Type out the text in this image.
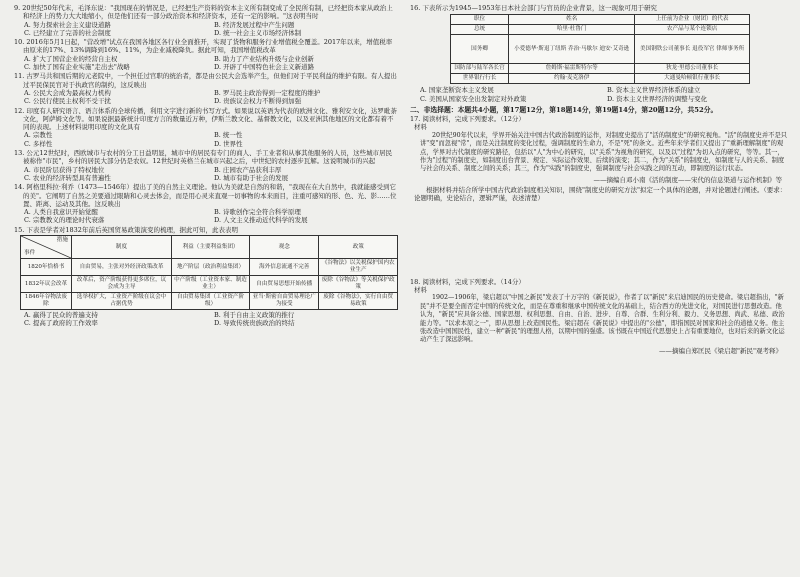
9. 20世纪50年代末，毛泽东说："我国现在的情况是，已经把生产资料的资本主义所有制变成了全民所有制，已经把资本家从政治上和经济上的势力大大地缩小，但是他们还有一部分政治资本和经济资本，还有一定的影响。"这表明当时
A. 努力探索社会主义建设道路	B. 经济发展过程中产生问题
C. 已经建立了完善的社会制度	D. 统一社会主义市场经济体制
10. 2016年5月1日起，"营改增"试点在我国各地区各行业全面推开，实现了货物和服务行业增值税全覆盖。2017年以来，增值税率由原来的17%、13%调降到16%、11%，为企业减税降负。据此可知，我国增值税改革
A. 扩大了国营企业的经营自主权	B. 助力了产业结构升级与企业创新
C. 加快了国有企业实施"走出去"战略	D. 开辟了中国特色社会主义新道路
11. 古罗马共和国后期的元老院中，一个担任过官职的统治者，都是由公民大会选举产生，但他们对于平民利益的维护有限。有人提出过平民保民官对于执政官的制约，这反映出
A. 公民大会成为最高权力机构	B. 罗马民主政治得到一定程度的维护
C. 公民行使民主权利不受干扰	D. 贵族议会权力不断得到加强
12. 印度有人研究语言、语言体系的全球传播，利用文字进行新的书写方式。如果说以英语为代表的欧洲文化、雅利安文化，达罗毗荼文化，阿萨姆文化等。如果说据最新统计印度方言的数量近万种，伊斯兰教文化、基督教文化，以及亚洲其他地区的文化都有着不同的表现。上述材料说明印度的文化具有
A. 宗教性	B. 统一性
C. 多样性	D. 世界性
13. 公元12世纪时，西欧城市与农村的分工日益明显，城市中的居民有专门的商人、手工业者和从事其他服务的人员，这些城市居民被称作"市民"，乡村的居民大部分仍是农奴。12世纪时英格兰在城市兴起之后，中世纪的农村逐步瓦解。这说明城市的兴起
A. 市民阶层获得了特权地位	B. 庄园农产品获利丰厚
C. 农业的经济转型具有普遍性	D. 城市有助于社会的发展
14. 阿格里科拉·利乔（1473—1546年）提出了美的自然主义理论。他认为美就是自然的和谐，"我现在在大自然中，我就能感受到它的美"。它阐明了自然之美要通过眼睛和心灵去体会，而是用心灵来直观一切事物的本来面目，注重可感知的形、色、光、影……位置、距离、运动及其他。这反映出
A. 人类自我意识开始觉醒	B. 诗歌创作完全符合科学原理
C. 宗教教义的理论时代衰落	D. 人文主义推动近代科学的发展
15. 下表是学者对1832年前后英国贸易政策演变的梳理，据此可知，此表表明
措施
事件	制度	利益（主要利益集团）	观念	政策
1820年恰格书	自由贸易，主张对外经济政策改革	地产阶层（政治利益集团）	海外信息流通不完善	《谷物法》以关税保护国内农业生产
1832年议会改革	改革后，资产阶级获得更多席位，议会成为主导	中产阶级（工业资本家、制造业主）	自由贸易思想开始传播	废除《谷物法》等关税保护政策
1846年谷物法废除	选举权扩大，工业资产阶级在议会中占据优势	自由贸易集团（工业资产阶级）	亚当·斯密自由贸易理论广为接受	废除《谷物法》，实行自由贸易政策
A. 赢得了民众的普遍支持	B. 利于自由主义政策的推行
C. 提高了政府的工作效率	D. 导致传统贵族政治的终结
16. 下表所示为1945—1953年日本社会部门与官员的企业背景，这一现象可用于研究
职位	姓名	上任前为企业（财团）的代表
总统	哈里·杜鲁门	农产品与某个连锁店
国务卿	小爱德华·斯退丁纽斯 乔治·马歇尔 迪安·艾奇逊	美国钢铁公司董事长 退役军官 律师事务所
国防部与陆军各长官	詹姆斯·福雷斯特尔等	狄龙·里德公司董事长
世界银行行长	约翰·麦克洛伊	大通曼哈顿银行董事长
A. 国家垄断资本主义发展	B. 资本主义世界经济体系的建立
C. 美国从国家安全出发制定对外政策	D. 资本主义世界经济的调整与变化
二、非选择题：本题共4小题，第17题12分，第18题14分，第19题14分，第20题12分，共52分。
17. 阅读材料，完成下列要求。（12分）
材料
20世纪90年代以来，学界开始关注中国古代政治制度的运作，对制度史提出了"活的制度史"的研究视角。"活"的制度史并不是只讲"变"而忽视"常"，而是关注制度的变化过程，强调制度的生命力，不是"死"的条文。近些年来学者们又提出了"重新理解制度"的观点，学界对古代制度的研究路径，包括以"人"为中心的研究，以"关系"为视角的研究，以及以"过程"为切入点的研究，等等。其一，作为"过程"的制度史，如制度出台背景、规定、实际运作效果、后续的演变；其二，作为"关系"的制度史，如制度与人的关系、制度与社会的关系、制度之间的关系；其三，作为"实践"的制度史，强调制度与社会实践之间的互动，即制度的运行状态。
——摘编自邓小南《活的制度——宋代的信息渠道与运作机制》等
根据材料并结合所学中国古代政治制度相关知识，围绕"制度史的研究方法"拟定一个具体的论题，并对论题进行阐述。（要求：论题明确，史论结合，逻辑严谨，表述清楚）
18. 阅读材料，完成下列要求。（14分）
材料
1902—1906年，梁启超以"中国之新民"发表了十万字的《新民说》，作者了以"新民"来启迪国民的历史使命。梁启超指出，"新民"并不是要全面否定中国的传统文化，而是在尊重和继承中国传统文化的基础上，结合西方的先进文化，对国民进行思想改造。他认为，"新民"应具备公德、国家思想、权利思想、自由、自治、进步、自尊、合群、生利分利、毅力、义务思想、尚武、私德、政治能力等。"以求本原之一"，即从思想上改造国民性。梁启超在《新民说》中提出的"公德"，即指国民对国家和社会的道德义务。他主张改造中国国民性，建立一种"新民"的理想人格，以期中国的强盛。该书既在中国近代思想史上占有重要地位，也对后来的新文化运动产生了深远影响。
——摘编自郑匡民《梁启超"新民"观考释》
